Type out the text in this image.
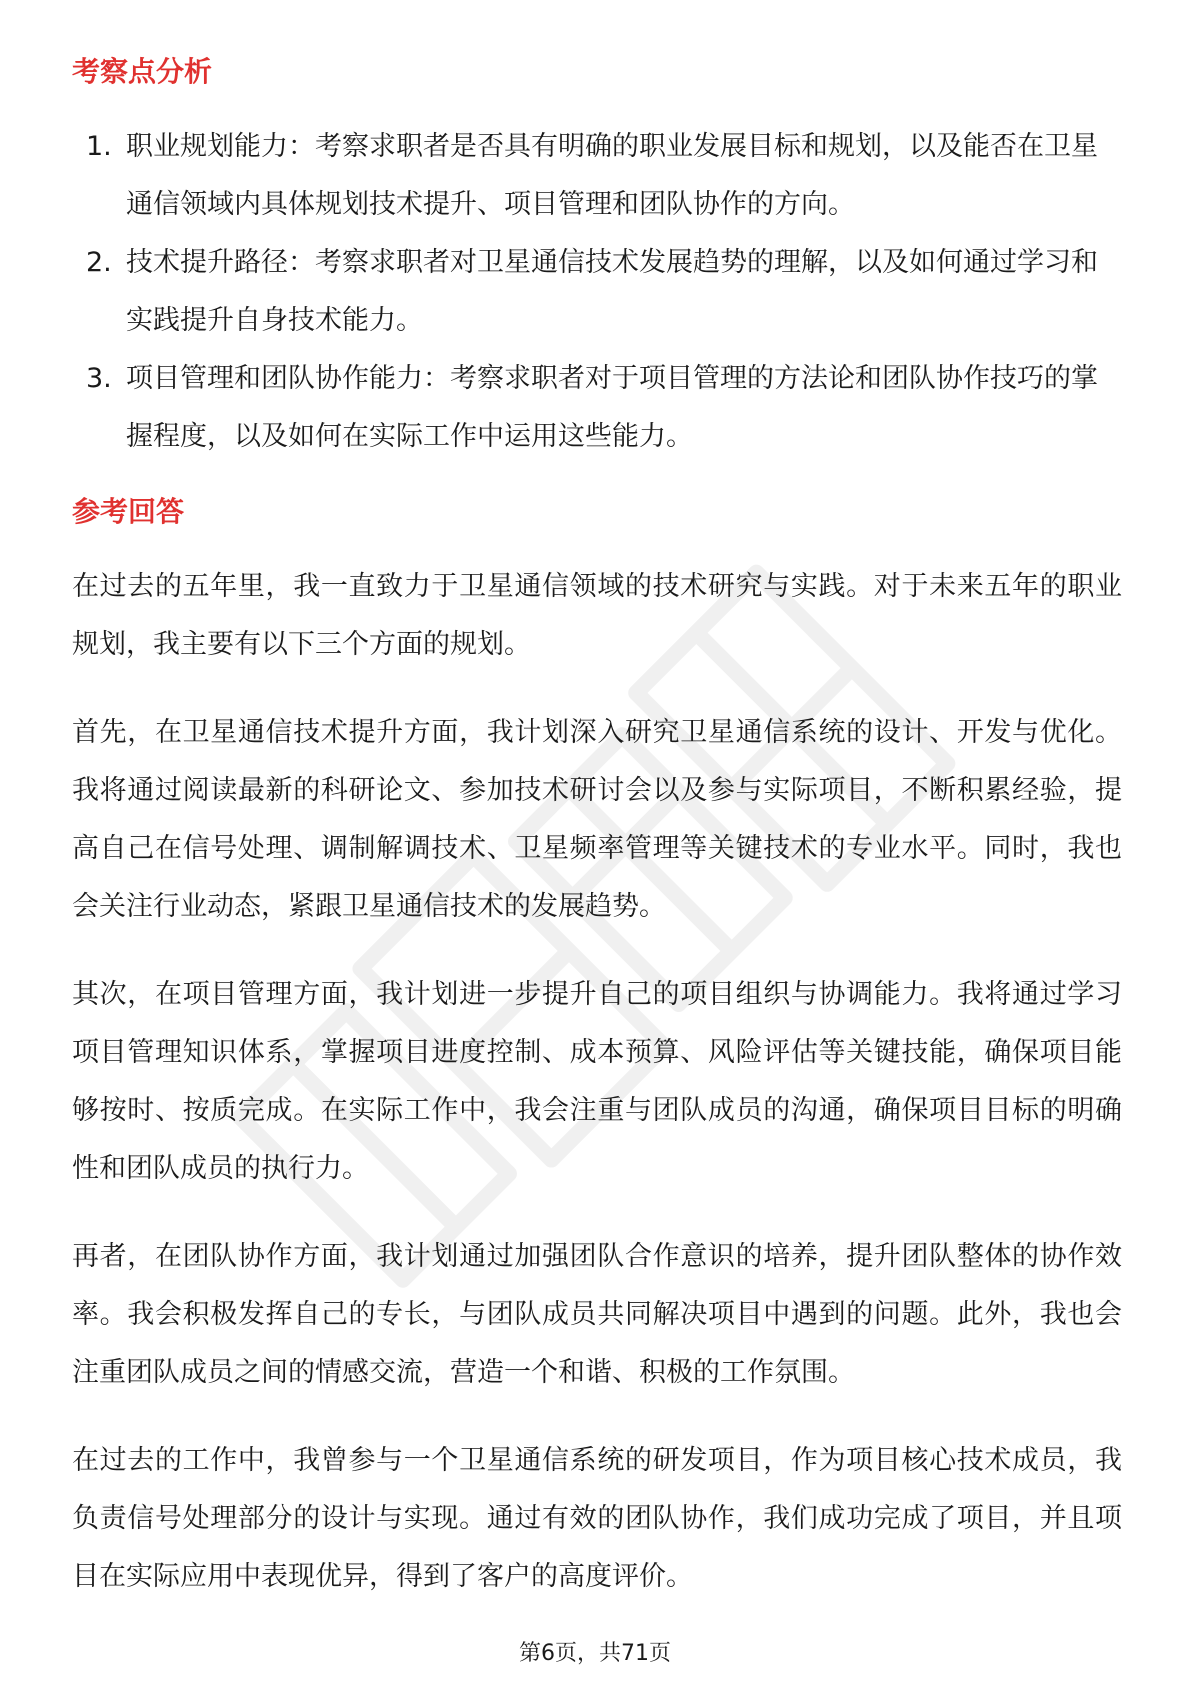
考察点分析
1. 职业规划能力：考察求职者是否具有明确的职业发展目标和规划，以及能否在卫星通信领域内具体规划技术提升、项目管理和团队协作的方向。
2. 技术提升路径：考察求职者对卫星通信技术发展趋势的理解，以及如何通过学习和实践提升自身技术能力。
3. 项目管理和团队协作能力：考察求职者对于项目管理的方法论和团队协作技巧的掌握程度，以及如何在实际工作中运用这些能力。
参考回答

在过去的五年里，我一直致力于卫星通信领域的技术研究与实践。对于未来五年的职业规划，我主要有以下三个方面的规划。

首先，在卫星通信技术提升方面，我计划深入研究卫星通信系统的设计、开发与优化。我将通过阅读最新的科研论文、参加技术研讨会以及参与实际项目，不断积累经验，提高自己在信号处理、调制解调技术、卫星频率管理等关键技术的专业水平。同时，我也会关注行业动态，紧跟卫星通信技术的发展趋势。

其次，在项目管理方面，我计划进一步提升自己的项目组织与协调能力。我将通过学习项目管理知识体系，掌握项目进度控制、成本预算、风险评估等关键技能，确保项目能够按时、按质完成。在实际工作中，我会注重与团队成员的沟通，确保项目目标的明确性和团队成员的执行力。

再者，在团队协作方面，我计划通过加强团队合作意识的培养，提升团队整体的协作效率。我会积极发挥自己的专长，与团队成员共同解决项目中遇到的问题。此外，我也会注重团队成员之间的情感交流，营造一个和谐、积极的工作氛围。

在过去的工作中，我曾参与一个卫星通信系统的研发项目，作为项目核心技术成员，我负责信号处理部分的设计与实现。通过有效的团队协作，我们成功完成了项目，并且项目在实际应用中表现优异，得到了客户的高度评价。

第6页，共71页
